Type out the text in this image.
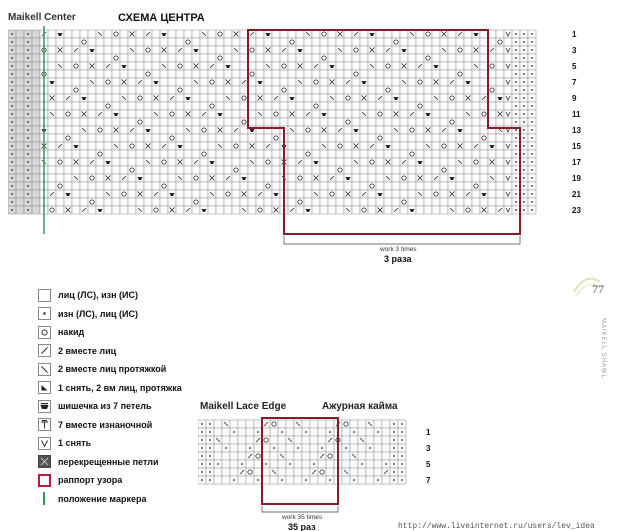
Maikell Center	СХЕМА ЦЕНТРА
23
21
19
17
15
13
11
9
7
5
3
1
work 3 times
3 раза
77
MAIKELL SHAWL
лиц (ЛС), изн (ИС)
изн (ЛС), лиц (ИС)
накид
2 вместе лиц
2 вместе лиц протяжкой
1 снять, 2 вм лиц, протяжка
шишечка из 7 петель
7 вместе изнаночной
1 снять
перекрещенные петли
раппорт узора
положение маркера
Maikell Lace Edge	Ажурная кайма
7
5
3
1
work 35 times
35 раз	http://www.liveinternet.ru/users/lev_idea
